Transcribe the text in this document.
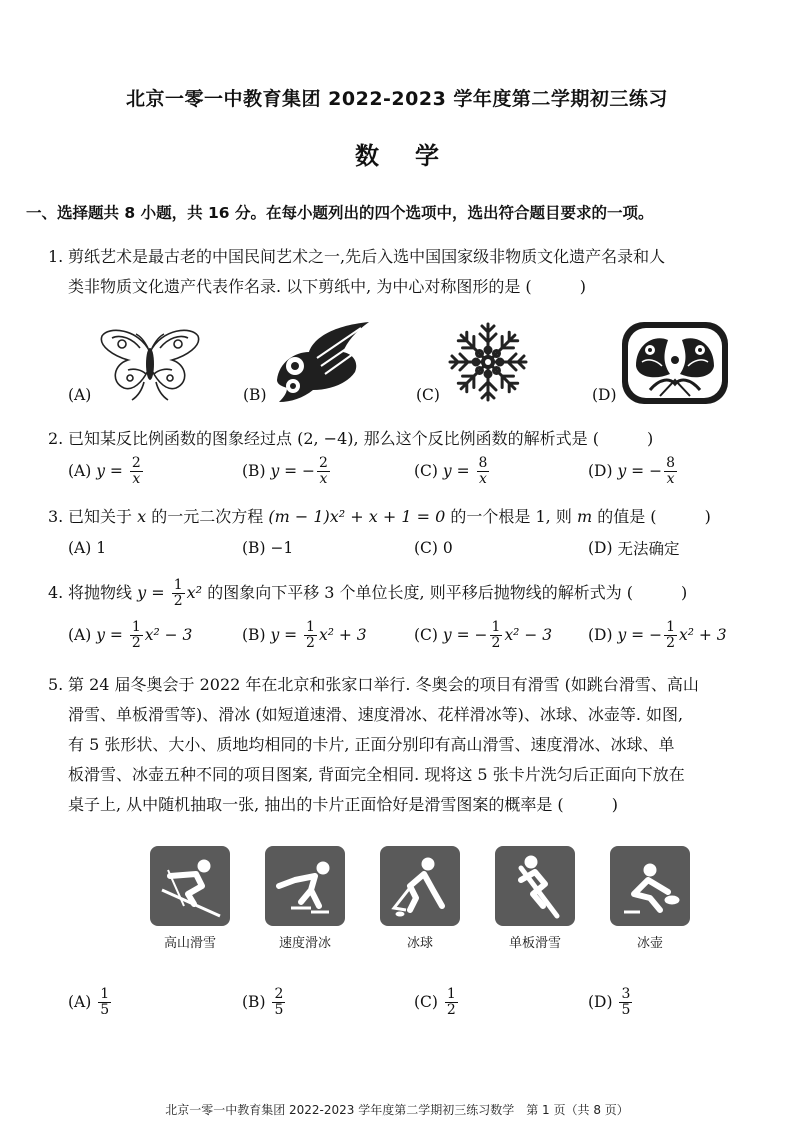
北京一零一中教育集团 2022-2023 学年度第二学期初三练习
数学
一、选择题共 8 小题，共 16 分。在每小题列出的四个选项中，选出符合题目要求的一项。
1. 剪纸艺术是最古老的中国民间艺术之一,先后入选中国国家级非物质文化遗产名录和人
类非物质文化遗产代表作名录. 以下剪纸中, 为中心对称图形的是 (	)
(A)	(B)	(C)	(D)
2. 已知某反比例函数的图象经过点 (2, −4), 那么这个反比例函数的解析式是 (	)
(A)
y =
$\frac{2}{x}$	(B)
y =
− $\frac{2}{x}$	(C)
y =
$\frac{8}{x}$	(D)
y =
− $\frac{8}{x}$
3. 已知关于 x 的一元二次方程 (m − 1)x² + x + 1 = 0 的一个根是 1, 则 m 的值是 (	)
(A)
1	(B)
−1	(C)
0	(D)
无法确定
4. 将抛物线
y =
$\frac{1}{2} x^2$
的图象向下平移 3 个单位长度, 则平移后抛物线的解析式为 (	)
(A)
y =
$\frac{1}{2} x^2 - 3$	(B)
y =
$\frac{1}{2} x^2 + 3$	(C)
y =
− $\frac{1}{2} x^2 - 3$ (D)
y =
− $\frac{1}{2} x^2 + 3$
5. 第 24 届冬奥会于 2022 年在北京和张家口举行. 冬奥会的项目有滑雪 (如跳台滑雪、高山
滑雪、单板滑雪等)、滑冰 (如短道速滑、速度滑冰、花样滑冰等)、冰球、冰壶等. 如图,
有 5 张形状、大小、质地均相同的卡片, 正面分别印有高山滑雪、速度滑冰、冰球、单
板滑雪、冰壶五种不同的项目图案, 背面完全相同. 现将这 5 张卡片洗匀后正面向下放在
桌子上, 从中随机抽取一张, 抽出的卡片正面恰好是滑雪图案的概率是 (	)
高山滑雪	速度滑冰	冰球	单板滑雪	冰壶
(A)
$\frac{1}{5}$	(B)
$\frac{2}{5}$	(C)
$\frac{1}{2}$	(D)
$\frac{3}{5}$
北京一零一中教育集团 2022-2023 学年度第二学期初三练习数学　第 1 页（共 8 页）
